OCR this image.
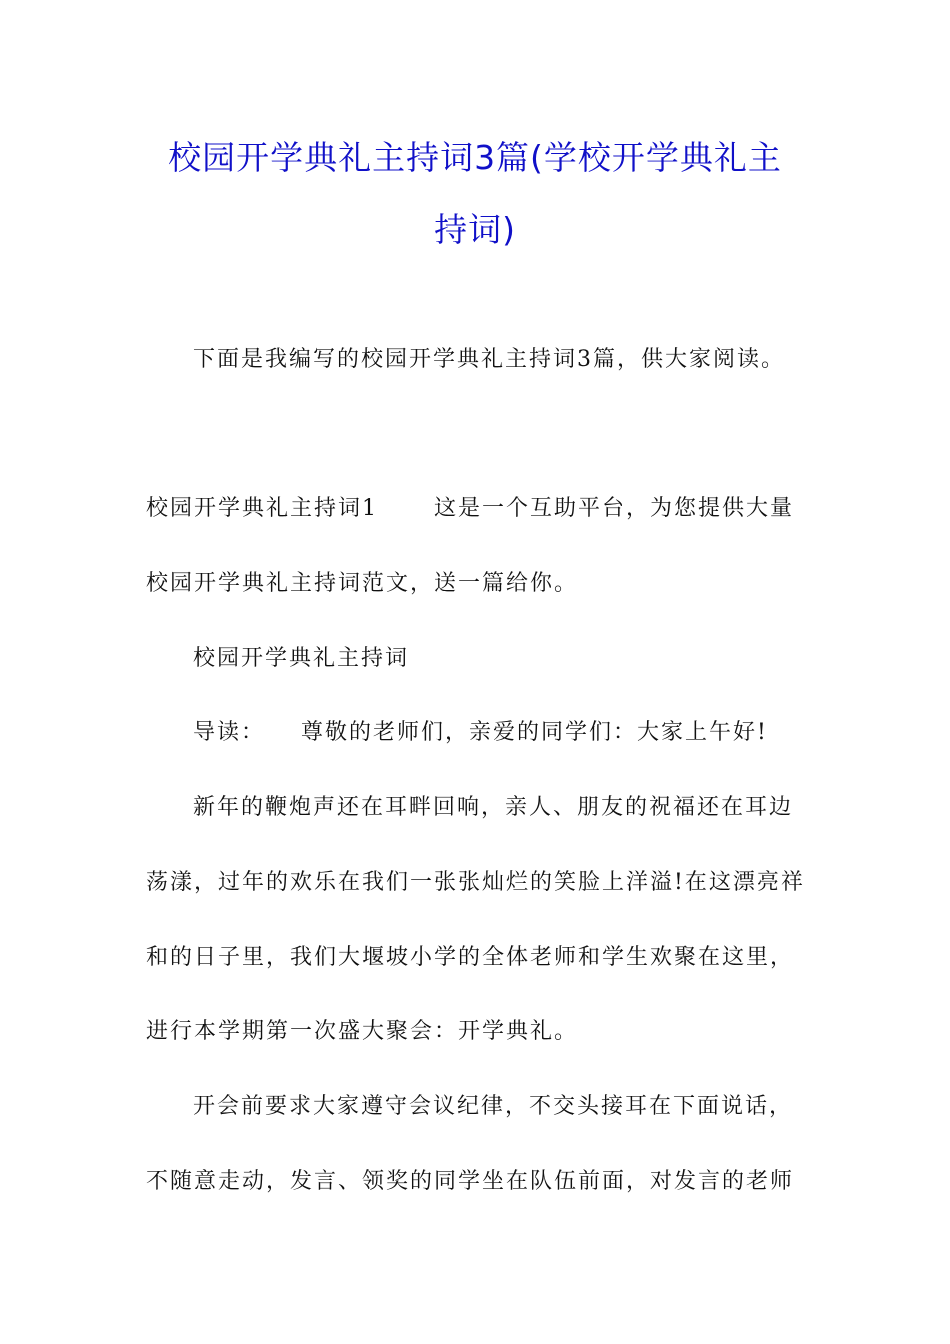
校园开学典礼主持词3篇(学校开学典礼主
持词)
下面是我编写的校园开学典礼主持词3篇，供大家阅读。
校园开学典礼主持词1	这是一个互助平台，为您提供大量
校园开学典礼主持词范文，送一篇给你。
校园开学典礼主持词
导读： 尊敬的老师们，亲爱的同学们：大家上午好!
新年的鞭炮声还在耳畔回响，亲人、朋友的祝福还在耳边
荡漾，过年的欢乐在我们一张张灿烂的笑脸上洋溢!在这漂亮祥
和的日子里，我们大堰坡小学的全体老师和学生欢聚在这里，
进行本学期第一次盛大聚会：开学典礼。
开会前要求大家遵守会议纪律，不交头接耳在下面说话，
不随意走动，发言、领奖的同学坐在队伍前面，对发言的老师
